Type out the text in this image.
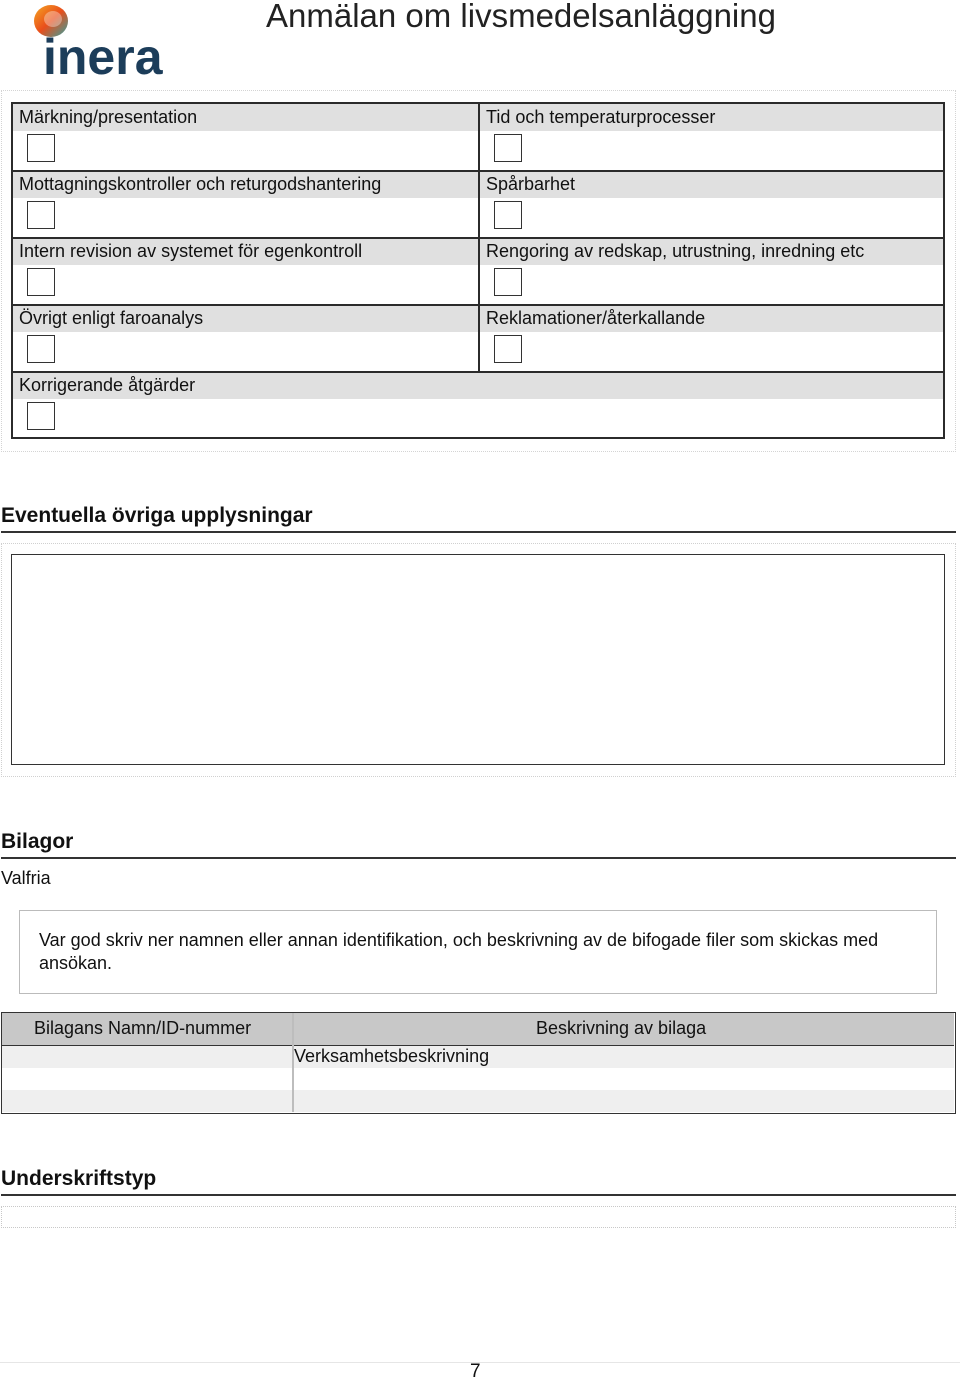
inera
Anmälan om livsmedelsanläggning
Märkning/presentation
Mottagningskontroller och returgodshantering
Intern revision av systemet för egenkontroll
Övrigt enligt faroanalys
Korrigerande åtgärder
Tid och temperaturprocesser
Spårbarhet
Rengoring av redskap, utrustning, inredning etc
Reklamationer/återkallande
Eventuella övriga upplysningar
Bilagor
Valfria
Var god skriv ner namnen eller annan identifikation, och beskrivning av de bifogade filer som skickas med ansökan.
Bilagans Namn/ID-nummer	Beskrivning av bilaga
Verksamhetsbeskrivning
Underskriftstyp
7
